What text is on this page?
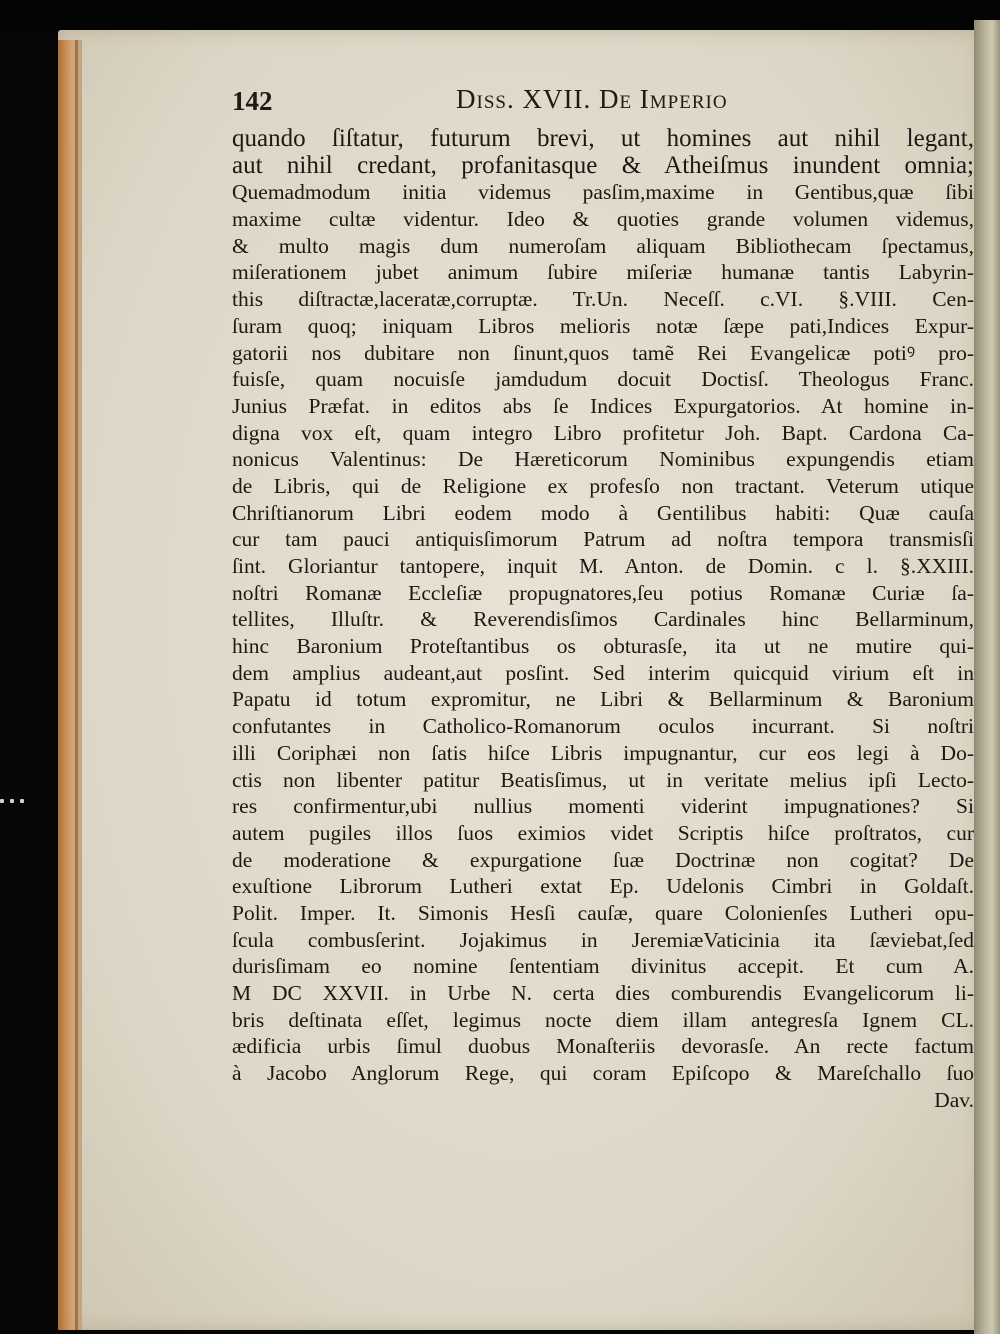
142	Diss. XVII. De Imperio
quando ſiſtatur, futurum brevi, ut homines aut nihil legant,
aut nihil credant, profanitasque & Atheiſmus inundent omnia;
Quemadmodum initia videmus pasſim,maxime in Gentibus,quæ ſibi
maxime cultæ videntur. Ideo & quoties grande volumen videmus,
& multo magis dum numeroſam aliquam Bibliothecam ſpectamus,
miſerationem jubet animum ſubire miſeriæ humanæ tantis Labyrin-
this diſtractæ,laceratæ,corruptæ. Tr.Un. Neceſſ. c.VI. §.VIII. Cen-
ſuram quoq; iniquam Libros melioris notæ ſæpe pati,Indices Expur-
gatorii nos dubitare non ſinunt,quos tamẽ Rei Evangelicæ potiꝰ pro-
fuisſe, quam nocuisſe jamdudum docuit Doctisſ. Theologus Franc.
Junius Præfat. in editos abs ſe Indices Expurgatorios. At homine in-
digna vox eſt, quam integro Libro profitetur Joh. Bapt. Cardona Ca-
nonicus Valentinus: De Hæreticorum Nominibus expungendis etiam
de Libris, qui de Religione ex profesſo non tractant. Veterum utique
Chriſtianorum Libri eodem modo à Gentilibus habiti: Quæ cauſa
cur tam pauci antiquisſimorum Patrum ad noſtra tempora transmisſi
ſint. Gloriantur tantopere, inquit M. Anton. de Domin. c l. §.XXIII.
noſtri Romanæ Eccleſiæ propugnatores,ſeu potius Romanæ Curiæ ſa-
tellites, Illuſtr. & Reverendisſimos Cardinales hinc Bellarminum,
hinc Baronium Proteſtantibus os obturasſe, ita ut ne mutire qui-
dem amplius audeant,aut posſint. Sed interim quicquid virium eſt in
Papatu id totum expromitur, ne Libri & Bellarminum & Baronium
confutantes in Catholico-Romanorum oculos incurrant. Si noſtri
illi Coriphæi non ſatis hiſce Libris impugnantur, cur eos legi à Do-
ctis non libenter patitur Beatisſimus, ut in veritate melius ipſi Lecto-
res confirmentur,ubi nullius momenti viderint impugnationes? Si
autem pugiles illos ſuos eximios videt Scriptis hiſce proſtratos, cur
de moderatione & expurgatione ſuæ Doctrinæ non cogitat? De
exuſtione Librorum Lutheri extat Ep. Udelonis Cimbri in Goldaſt.
Polit. Imper. It. Simonis Hesſi cauſæ, quare Colonienſes Lutheri opu-
ſcula combusſerint. Jojakimus in JeremiæVaticinia ita ſæviebat,ſed
durisſimam eo nomine ſententiam divinitus accepit. Et cum A.
M DC XXVII. in Urbe N. certa dies comburendis Evangelicorum li-
bris deſtinata eſſet, legimus nocte diem illam antegresſa Ignem CL.
ædificia urbis ſimul duobus Monaſteriis devorasſe. An recte factum
à Jacobo Anglorum Rege, qui coram Epiſcopo & Mareſchallo ſuo
Dav.
